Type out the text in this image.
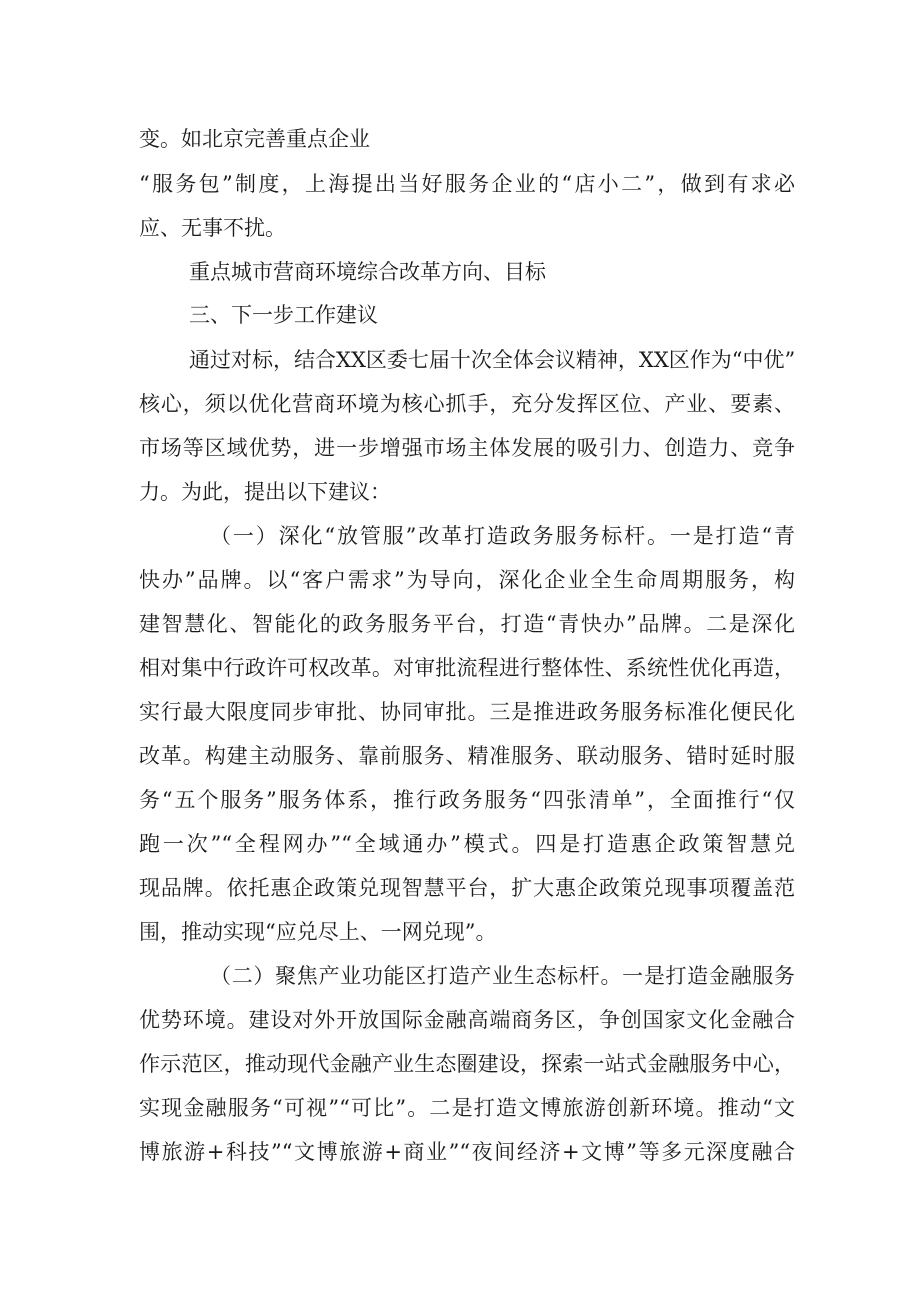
变。如北京完善重点企业
“服务包”制度，上海提出当好服务企业的“店小二”，做到有求必
应、无事不扰。
重点城市营商环境综合改革方向、目标
三、下一步工作建议
通过对标，结合XX区委七届十次全体会议精神，XX区作为“中优”
核心，须以优化营商环境为核心抓手，充分发挥区位、产业、要素、
市场等区域优势，进一步增强市场主体发展的吸引力、创造力、竞争
力。为此，提出以下建议：
（一）深化“放管服”改革打造政务服务标杆。一是打造“青
快办”品牌。以“客户需求”为导向，深化企业全生命周期服务，构
建智慧化、智能化的政务服务平台，打造“青快办”品牌。二是深化
相对集中行政许可权改革。对审批流程进行整体性、系统性优化再造，
实行最大限度同步审批、协同审批。三是推进政务服务标准化便民化
改革。构建主动服务、靠前服务、精准服务、联动服务、错时延时服
务“五个服务”服务体系，推行政务服务“四张清单”，全面推行“仅
跑一次”“全程网办”“全域通办”模式。四是打造惠企政策智慧兑
现品牌。依托惠企政策兑现智慧平台，扩大惠企政策兑现事项覆盖范
围，推动实现“应兑尽上、一网兑现”。
（二）聚焦产业功能区打造产业生态标杆。一是打造金融服务
优势环境。建设对外开放国际金融高端商务区，争创国家文化金融合
作示范区，推动现代金融产业生态圈建设，探索一站式金融服务中心，
实现金融服务“可视”“可比”。二是打造文博旅游创新环境。推动“文
博旅游+科技”“文博旅游+商业”“夜间经济+文博”等多元深度融合
